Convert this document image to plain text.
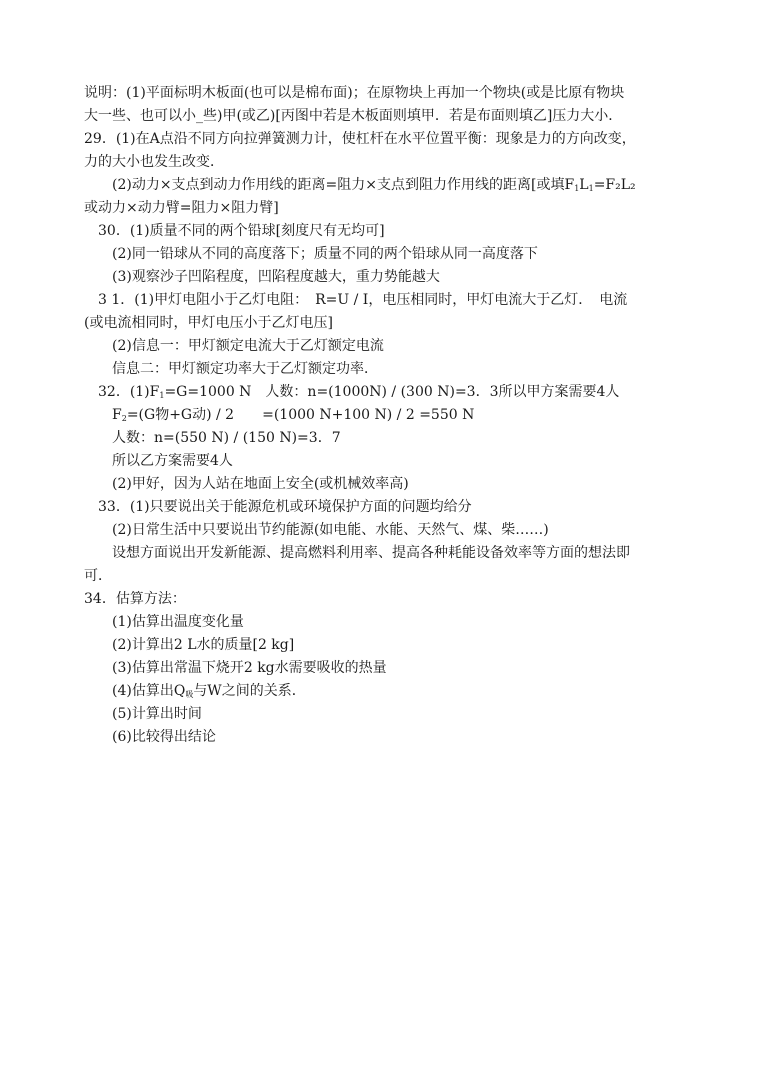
说明：(1)平面标明木板面(也可以是棉布面)；在原物块上再加一个物块(或是比原有物块
大一些、也可以小_些)甲(或乙)[丙图中若是木板面则填甲．若是布面则填乙]压力大小．
29．(1)在A点沿不同方向拉弹簧测力计，使杠杆在水平位置平衡：现象是力的方向改变，
力的大小也发生改变．
(2)动力×支点到动力作用线的距离=阻力×支点到阻力作用线的距离[或填$F_1L_1=F_2L_2$
或动力×动力臂=阻力×阻力臂]
30．(1)质量不同的两个铅球[刻度尺有无均可]
(2)同一铅球从不同的高度落下；质量不同的两个铅球从同一高度落下
(3)观察沙子凹陷程度，凹陷程度越大，重力势能越大
3 1．(1)甲灯电阻小于乙灯电阻：　R=U / I，电压相同时，甲灯电流大于乙灯．　电流
(或电流相同时，甲灯电压小于乙灯电压]
(2)信息一：甲灯额定电流大于乙灯额定电流
信息二：甲灯额定功率大于乙灯额定功率．
32．$(1)F_1=G=1000$ N　人数：n=(1000N) / (300 N)=3．3所以甲方案需要4人
$F_2=(G$物+G动) / 2　　=(1000 N+100 N) / 2 =550 N
人数：n=(550 N) / (150 N)=3．7
所以乙方案需要4人
(2)甲好，因为人站在地面上安全(或机械效率高)
33．(1)只要说出关于能源危机或环境保护方面的问题均给分
(2)日常生活中只要说出节约能源(如电能、水能、天然气、煤、柴……)
设想方面说出开发新能源、提高燃料利用率、提高各种耗能设备效率等方面的想法即
可．
34．估算方法：
(1)估算出温度变化量
(2)计算出2 L水的质量[2 kg]
(3)估算出常温下烧开2 kg水需要吸收的热量
(4)估算出$Q_吸$与W之间的关系．
(5)计算出时间
(6)比较得出结论
